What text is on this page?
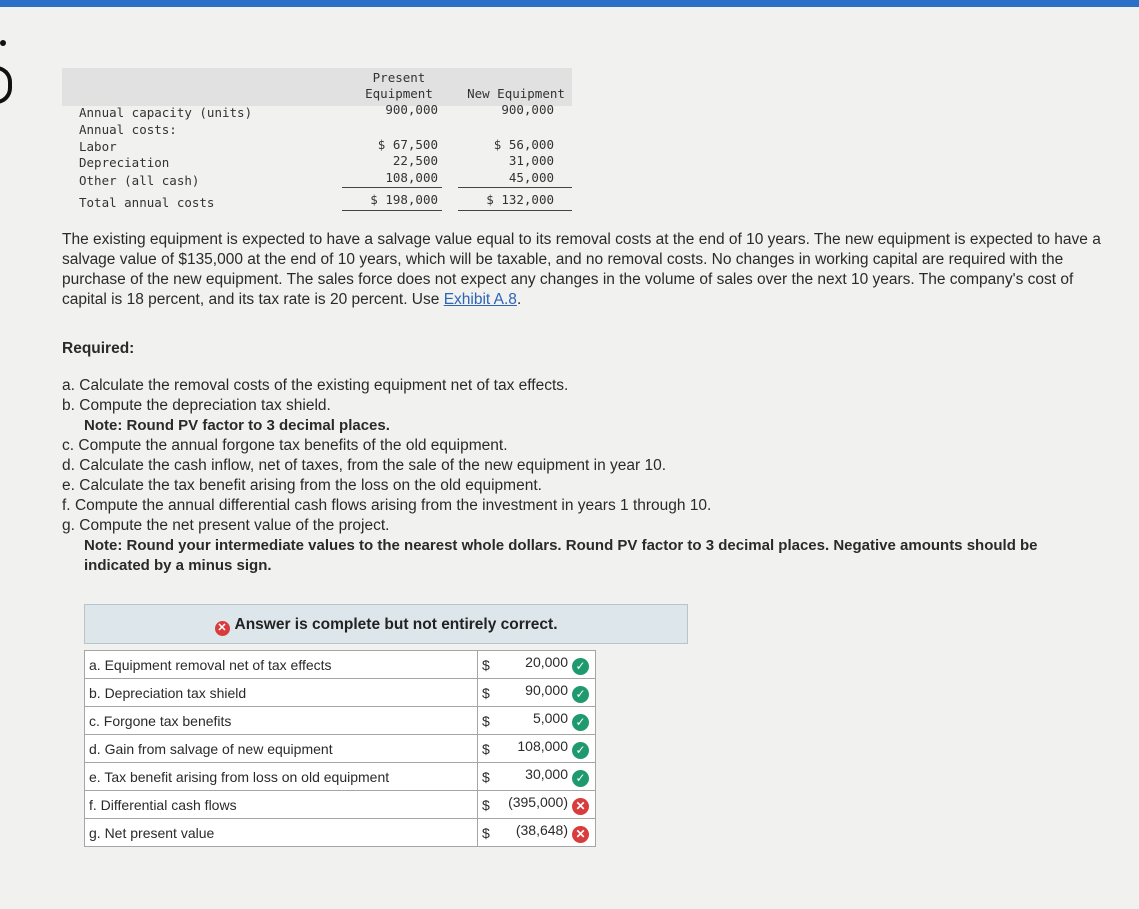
Present
Equipment	New Equipment
Annual capacity (units)	900,000	900,000
Annual costs:
Labor	$ 67,500	$ 56,000
Depreciation	22,500	31,000
Other (all cash)	108,000	45,000
Total annual costs	$ 198,000	$ 132,000
The existing equipment is expected to have a salvage value equal to its removal costs at the end of 10 years. The new equipment is expected to have a salvage value of $135,000 at the end of 10 years, which will be taxable, and no removal costs. No changes in working capital are required with the purchase of the new equipment. The sales force does not expect any changes in the volume of sales over the next 10 years. The company's cost of capital is 18 percent, and its tax rate is 20 percent. Use Exhibit A.8.
Required:
a. Calculate the removal costs of the existing equipment net of tax effects.
b. Compute the depreciation tax shield.
Note: Round PV factor to 3 decimal places.
c. Compute the annual forgone tax benefits of the old equipment.
d. Calculate the cash inflow, net of taxes, from the sale of the new equipment in year 10.
e. Calculate the tax benefit arising from the loss on the old equipment.
f. Compute the annual differential cash flows arising from the investment in years 1 through 10.
g. Compute the net present value of the project.
Note: Round your intermediate values to the nearest whole dollars. Round PV factor to 3 decimal places. Negative amounts should be indicated by a minus sign.
✕ Answer is complete but not entirely correct.
a. Equipment removal net of tax effects	$	20,000 ✓
b. Depreciation tax shield	$	90,000 ✓
c. Forgone tax benefits	$	5,000 ✓
d. Gain from salvage of new equipment	$	108,000 ✓
e. Tax benefit arising from loss on old equipment	$	30,000 ✓
f. Differential cash flows	$	(395,000) ✕
g. Net present value	$	(38,648) ✕
